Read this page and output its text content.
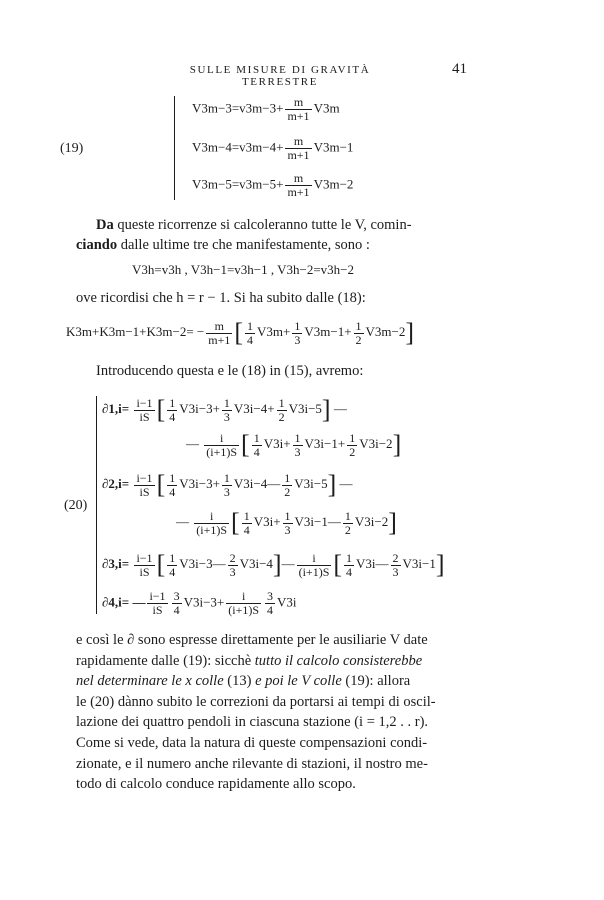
SULLE MISURE DI GRAVITÀ TERRESTRE
41
(19)
$V3m-3=v3m-3+ \frac{m}{m+1} V3m$
$V3m-4=v3m-4+ \frac{m}{m+1} V3m-1$
$V3m-5=v3m-5+ \frac{m}{m+1} V3m-2$
Da queste ricorrenze si calcoleranno tutte le V, comin-
ciando dalle ultime tre che manifestamente, sono :
V3h=v3h , V3h−1=v3h−1 , V3h−2=v3h−2
ove ricordisi che h = r − 1. Si ha subito dalle (18):
$K3m+K3m-1+K3m-2= - \frac{m}{m+1}$ [ $\frac{1}{4} V3m+ \frac{1}{3} V3m-1+ \frac{1}{2} V3m-2$]
Introducendo questa e le (18) in (15), avremo:
(20)
$\partial 1,i= \frac{i-1}{iS}$ [ $\frac{1}{4} V3i-3+ \frac{1}{3} V3i-4+ \frac{1}{2} V3i-5$] —
— $\frac{i}{(i+1)S}$ [ $\frac{1}{4} V3i+ \frac{1}{3} V3i-1+ \frac{1}{2} V3i-2$]
$\partial 2,i= \frac{i-1}{iS}$ [ $\frac{1}{4} V3i-3+ \frac{1}{3}$ V3i−4— $\frac{1}{2} V3i-5$] —
— $\frac{i}{(i+1)S}$ [ $\frac{1}{4} V3i+ \frac{1}{3}$ V3i−1— $\frac{1}{2} V3i-2$]
$\partial 3,i= \frac{i-1}{iS}$ [ $\frac{1}{4}$ V3i−3— $\frac{2}{3}$ V3i−4]— $\frac{i}{(i+1)S}$ [ $\frac{1}{4}$ V3i— $\frac{2}{3} V3i-1$]
∂4,i= — $\frac{i-1}{iS} \frac{3}{4} V3i-3+ \frac{i}{(i+1)S} \frac{3}{4} V3i$
e così le ∂ sono espresse direttamente per le ausiliarie V date
rapidamente dalle (19): sicchè tutto il calcolo consisterebbe
nel determinare le x colle (13) e poi le V colle (19): allora
le (20) dànno subito le correzioni da portarsi ai tempi di oscil-
lazione dei quattro pendoli in ciascuna stazione (i = 1,2 . . r).
Come si vede, data la natura di queste compensazioni condi-
zionate, e il numero anche rilevante di stazioni, il nostro me-
todo di calcolo conduce rapidamente allo scopo.
